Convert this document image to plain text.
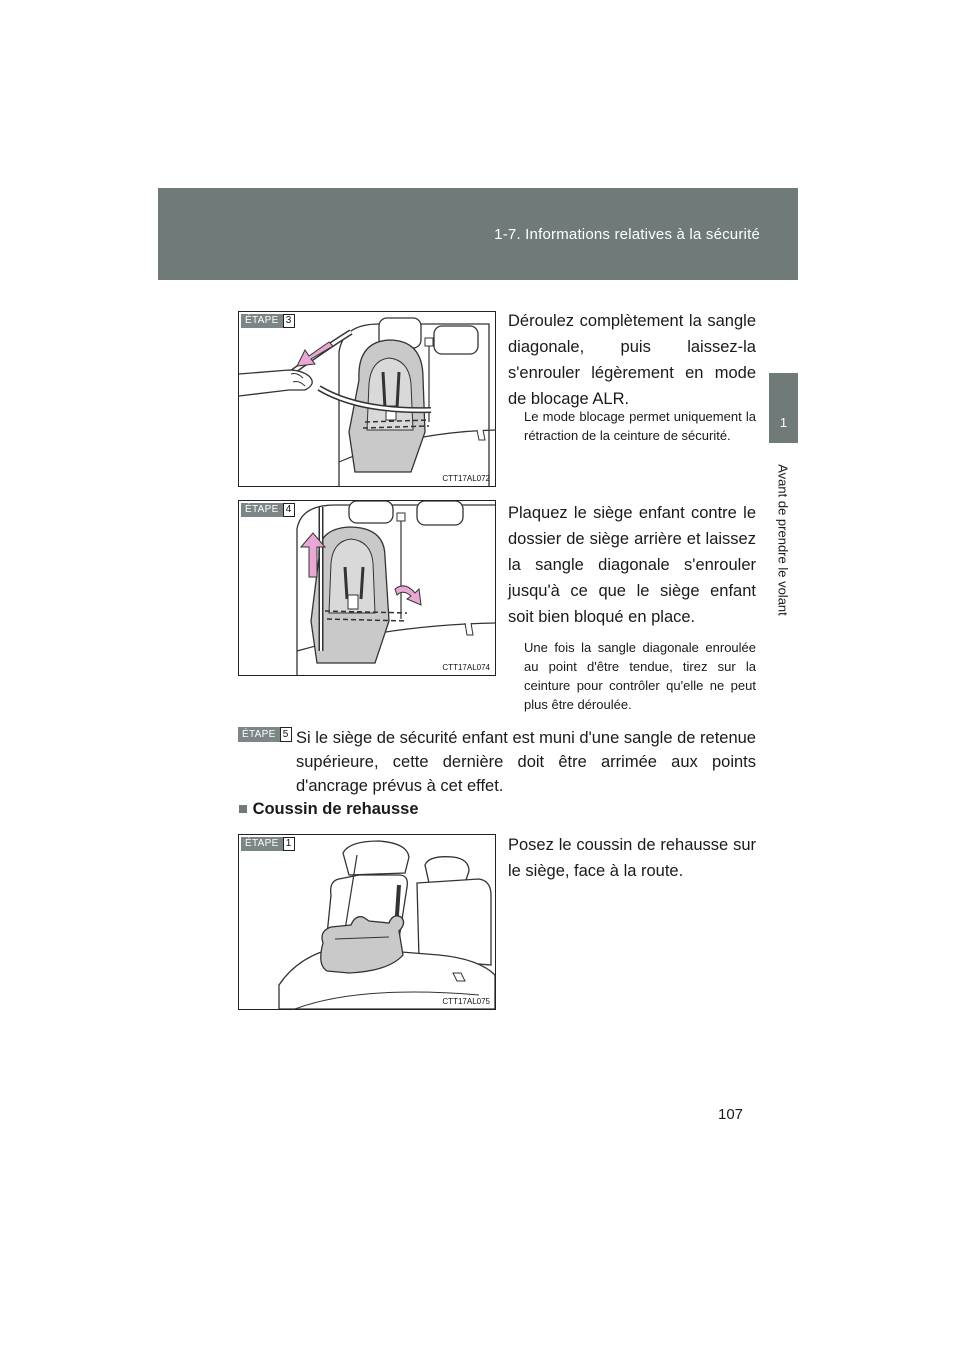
1-7. Informations relatives à la sécurité
1
Avant de prendre le volant
ÉTAPE 3
CTT17AL072

Déroulez complètement la sangle diagonale, puis laissez-la s'enrouler légèrement en mode de blocage ALR.

Le mode blocage permet uniquement la rétraction de la ceinture de sécurité.

ÉTAPE 4
CTT17AL074

Plaquez le siège enfant contre le dossier de siège arrière et laissez la sangle diagonale s'enrouler jusqu'à ce que le siège enfant soit bien bloqué en place.

Une fois la sangle diagonale enroulée au point d'être tendue, tirez sur la ceinture pour contrôler qu'elle ne peut plus être déroulée.

ÉTAPE 5 Si le siège de sécurité enfant est muni d'une sangle de retenue supérieure, cette dernière doit être arrimée aux points d'ancrage prévus à cet effet.

■ Coussin de rehausse
ÉTAPE 1
CTT17AL075

Posez le coussin de rehausse sur le siège, face à la route.

107
